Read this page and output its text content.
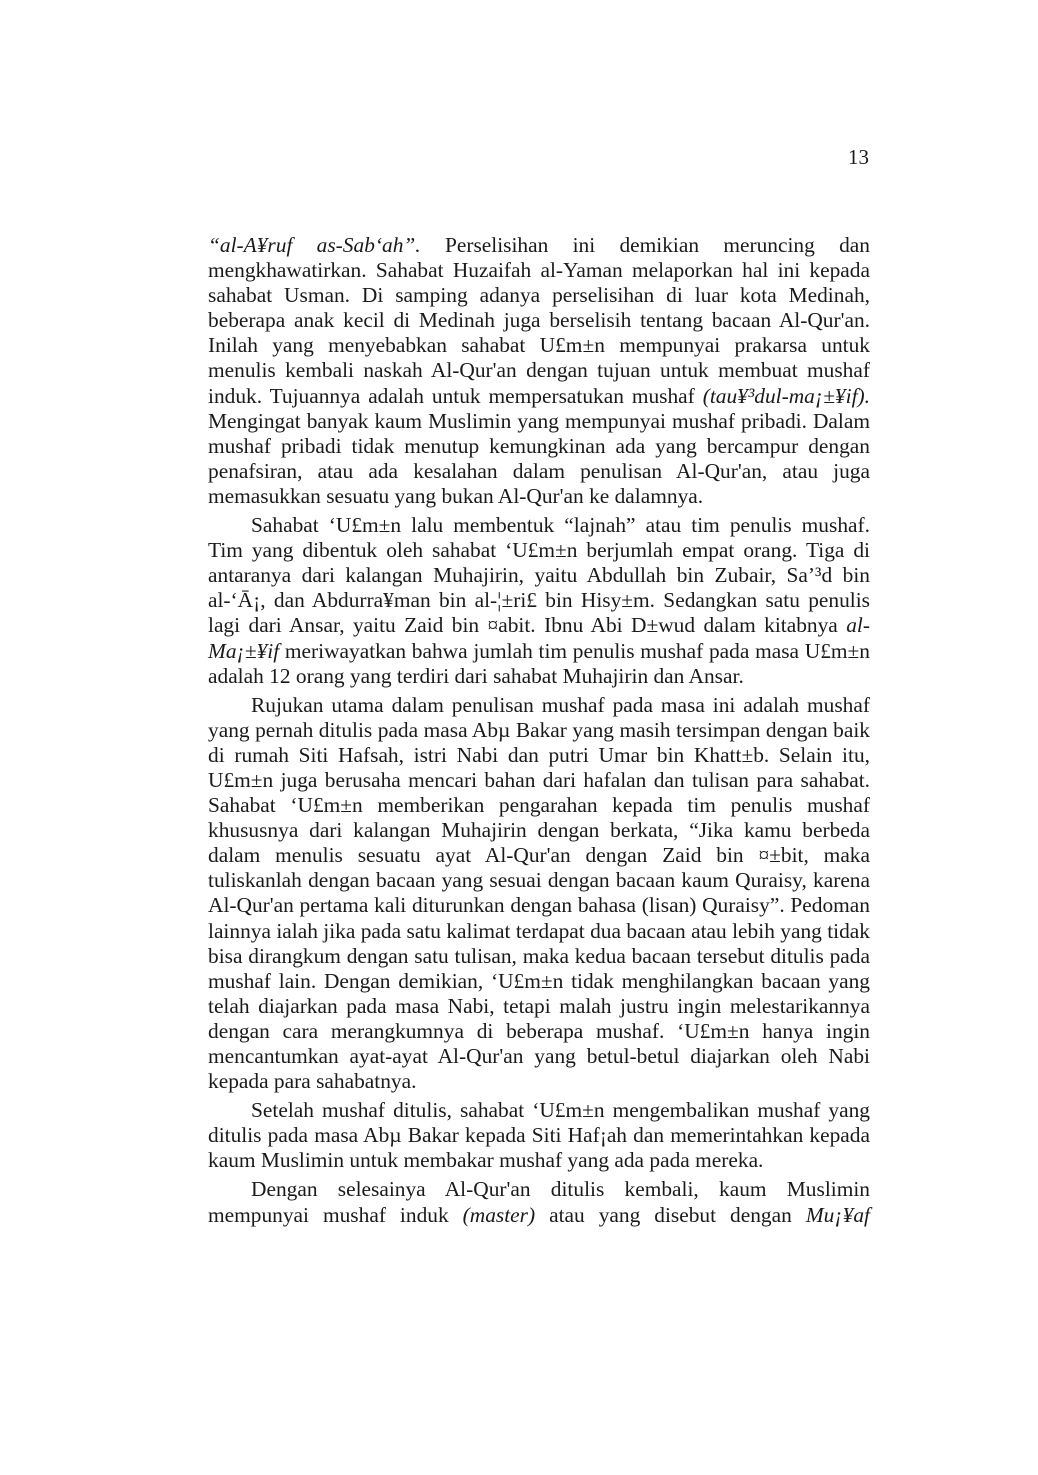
13

“al-A¥ruf as-Sab‘ah”. Perselisihan ini demikian meruncing dan mengkhawatirkan. Sahabat Huzaifah al-Yaman melaporkan hal ini kepada sahabat Usman. Di samping adanya perselisihan di luar kota Medinah, beberapa anak kecil di Medinah juga berselisih tentang bacaan Al-Qur'an. Inilah yang menyebabkan sahabat U£m±n mempunyai prakarsa untuk menulis kembali naskah Al-Qur'an dengan tujuan untuk membuat mushaf induk. Tujuannya adalah untuk mempersatukan mushaf (tau¥³dul-ma¡±¥if). Mengingat banyak kaum Muslimin yang mempunyai mushaf pribadi. Dalam mushaf pribadi tidak menutup kemungkinan ada yang bercampur dengan penafsiran, atau ada kesalahan dalam penulisan Al-Qur'an, atau juga memasukkan sesuatu yang bukan Al-Qur'an ke dalamnya.

Sahabat ‘U£m±n lalu membentuk “lajnah” atau tim penulis mushaf. Tim yang dibentuk oleh sahabat ‘U£m±n berjumlah empat orang. Tiga di antaranya dari kalangan Muhajirin, yaitu Abdullah bin Zubair, Sa’³d bin al-‘Ā¡, dan Abdurra¥man bin al-¦±ri£ bin Hisy±m. Sedangkan satu penulis lagi dari Ansar, yaitu Zaid bin ¤abit. Ibnu Abi D±wud dalam kitabnya al-Ma¡±¥if meriwayatkan bahwa jumlah tim penulis mushaf pada masa U£m±n adalah 12 orang yang terdiri dari sahabat Muhajirin dan Ansar.

Rujukan utama dalam penulisan mushaf pada masa ini adalah mushaf yang pernah ditulis pada masa Abµ Bakar yang masih tersimpan dengan baik di rumah Siti Hafsah, istri Nabi dan putri Umar bin Khatt±b. Selain itu, U£m±n juga berusaha mencari bahan dari hafalan dan tulisan para sahabat. Sahabat ‘U£m±n memberikan pengarahan kepada tim penulis mushaf khususnya dari kalangan Muhajirin dengan berkata, “Jika kamu berbeda dalam menulis sesuatu ayat Al-Qur'an dengan Zaid bin ¤±bit, maka tuliskanlah dengan bacaan yang sesuai dengan bacaan kaum Quraisy, karena Al-Qur'an pertama kali diturunkan dengan bahasa (lisan) Quraisy”. Pedoman lainnya ialah jika pada satu kalimat terdapat dua bacaan atau lebih yang tidak bisa dirangkum dengan satu tulisan, maka kedua bacaan tersebut ditulis pada mushaf lain. Dengan demikian, ‘U£m±n tidak menghilangkan bacaan yang telah diajarkan pada masa Nabi, tetapi malah justru ingin melestarikannya dengan cara merangkumnya di beberapa mushaf. ‘U£m±n hanya ingin mencantumkan ayat-ayat Al-Qur'an yang betul-betul diajarkan oleh Nabi kepada para sahabatnya.

Setelah mushaf ditulis, sahabat ‘U£m±n mengembalikan mushaf yang ditulis pada masa Abµ Bakar kepada Siti Haf¡ah dan memerintahkan kepada kaum Muslimin untuk membakar mushaf yang ada pada mereka.

Dengan selesainya Al-Qur'an ditulis kembali, kaum Muslimin mempunyai mushaf induk (master) atau yang disebut dengan Mu¡¥af
